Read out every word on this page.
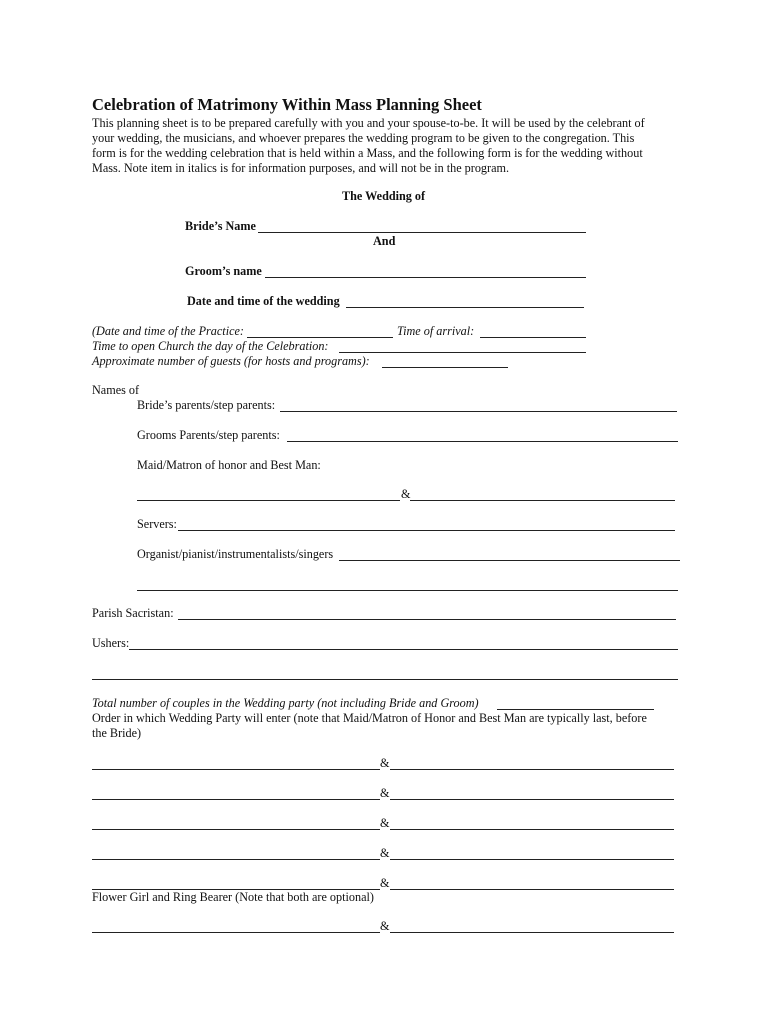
Celebration of Matrimony Within Mass Planning Sheet
This planning sheet is to be prepared carefully with you and your spouse-to-be. It will be used by the celebrant of
your wedding, the musicians, and whoever prepares the wedding program to be given to the congregation. This
form is for the wedding celebration that is held within a Mass, and the following form is for the wedding without
Mass. Note item in italics is for information purposes, and will not be in the program.
The Wedding of
Bride’s Name
And
Groom’s name
Date and time of the wedding
(Date and time of the Practice:	Time of arrival:
Time to open Church the day of the Celebration:
Approximate number of guests (for hosts and programs):
Names of
Bride’s parents/step parents:
Grooms Parents/step parents:
Maid/Matron of honor and Best Man:
&
Servers:
Organist/pianist/instrumentalists/singers
Parish Sacristan:
Ushers:
Total number of couples in the Wedding party (not including Bride and Groom)
Order in which Wedding Party will enter (note that Maid/Matron of Honor and Best Man are typically last, before
the Bride)
&
&
&
&
&
Flower Girl and Ring Bearer (Note that both are optional)
&
